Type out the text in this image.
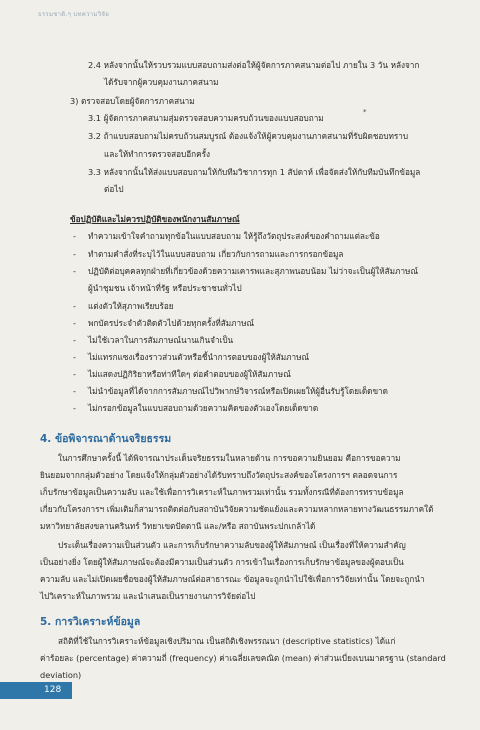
ธรรมชาติ.ๆ บทความวิจัย
2.4 หลังจากนั้นให้รวบรวมแบบสอบถามส่งต่อให้ผู้จัดการภาคสนามต่อไป ภายใน 3 วัน หลังจาก
ได้รับจากผู้ควบคุมงานภาคสนาม
3) ตรวจสอบโดยผู้จัดการภาคสนาม
3.1 ผู้จัดการภาคสนามสุ่มตรวจสอบความครบถ้วนของแบบสอบถาม
*
3.2 ถ้าแบบสอบถามไม่ครบถ้วนสมบูรณ์ ต้องแจ้งให้ผู้ควบคุมงานภาคสนามที่รับผิดชอบทราบ
และให้ทำการตรวจสอบอีกครั้ง
3.3 หลังจากนั้นให้ส่งแบบสอบถามให้กับทีมวิชาการทุก 1 สัปดาห์ เพื่อจัดส่งให้กับทีมบันทึกข้อมูล
ต่อไป
ข้อปฏิบัติและไม่ควรปฏิบัติของพนักงานสัมภาษณ์
- ทำความเข้าใจคำถามทุกข้อในแบบสอบถาม ให้รู้ถึงวัตถุประสงค์ของคำถามแต่ละข้อ
- ทำตามคำสั่งที่ระบุไว้ในแบบสอบถาม เกี่ยวกับการถามและการกรอกข้อมูล
- ปฏิบัติต่อบุคคลทุกฝ่ายที่เกี่ยวข้องด้วยความเคารพและสุภาพนอบน้อม ไม่ว่าจะเป็นผู้ให้สัมภาษณ์
ผู้นำชุมชน เจ้าหน้าที่รัฐ หรือประชาชนทั่วไป
- แต่งตัวให้สุภาพเรียบร้อย
- พกบัตรประจำตัวติดตัวไปด้วยทุกครั้งที่สัมภาษณ์
- ไม่ใช้เวลาในการสัมภาษณ์นานเกินจำเป็น
- ไม่แทรกแซงเรื่องราวส่วนตัวหรือชี้นำการตอบของผู้ให้สัมภาษณ์
- ไม่แสดงปฏิกิริยาหรือท่าทีใดๆ ต่อคำตอบของผู้ให้สัมภาษณ์
- ไม่นำข้อมูลที่ได้จากการสัมภาษณ์ไปวิพากษ์วิจารณ์หรือเปิดเผยให้ผู้อื่นรับรู้โดยเด็ดขาด
- ไม่กรอกข้อมูลในแบบสอบถามด้วยความคิดของตัวเองโดยเด็ดขาด
4. ข้อพิจารณาด้านจริยธรรม
ในการศึกษาครั้งนี้ ได้พิจารณาประเด็นจริยธรรมในหลายด้าน การขอความยินยอม คือการขอความ
ยินยอมจากกลุ่มตัวอย่าง โดยแจ้งให้กลุ่มตัวอย่างได้รับทราบถึงวัตถุประสงค์ของโครงการฯ ตลอดจนการ
เก็บรักษาข้อมูลเป็นความลับ และใช้เพื่อการวิเคราะห์ในภาพรวมเท่านั้น รวมทั้งกรณีที่ต้องการทราบข้อมูล
เกี่ยวกับโครงการฯ เพิ่มเติมก็สามารถติดต่อกับสถาบันวิจัยความชัดแย้งและความหลากหลายทางวัฒนธรรมภาคใต้
มหาวิทยาลัยสงขลานครินทร์ วิทยาเขตปัตตานี และ/หรือ สถาบันพระปกเกล้าได้
ประเด็นเรื่องความเป็นส่วนตัว และการเก็บรักษาความลับของผู้ให้สัมภาษณ์ เป็นเรื่องที่ให้ความสำคัญ
เป็นอย่างยิ่ง โดยผู้ให้สัมภาษณ์จะต้องมีความเป็นส่วนตัว การเข้าในเรื่องการเก็บรักษาข้อมูลของผู้ตอบเป็น
ความลับ และไม่เปิดเผยชื่อของผู้ให้สัมภาษณ์ต่อสาธารณะ ข้อมูลจะถูกนำไปใช้เพื่อการวิจัยเท่านั้น โดยจะถูกนำ
ไปวิเคราะห์ในภาพรวม และนำเสนอเป็นรายงานการวิจัยต่อไป
5. การวิเคราะห์ข้อมูล
สถิติที่ใช้ในการวิเคราะห์ข้อมูลเชิงปริมาณ เป็นสถิติเชิงพรรณนา (descriptive statistics) ได้แก่
ค่าร้อยละ (percentage) ค่าความถี่ (frequency) ค่าเฉลี่ยเลขคณิต (mean) ค่าส่วนเบี่ยงเบนมาตรฐาน (standard
deviation)
128
